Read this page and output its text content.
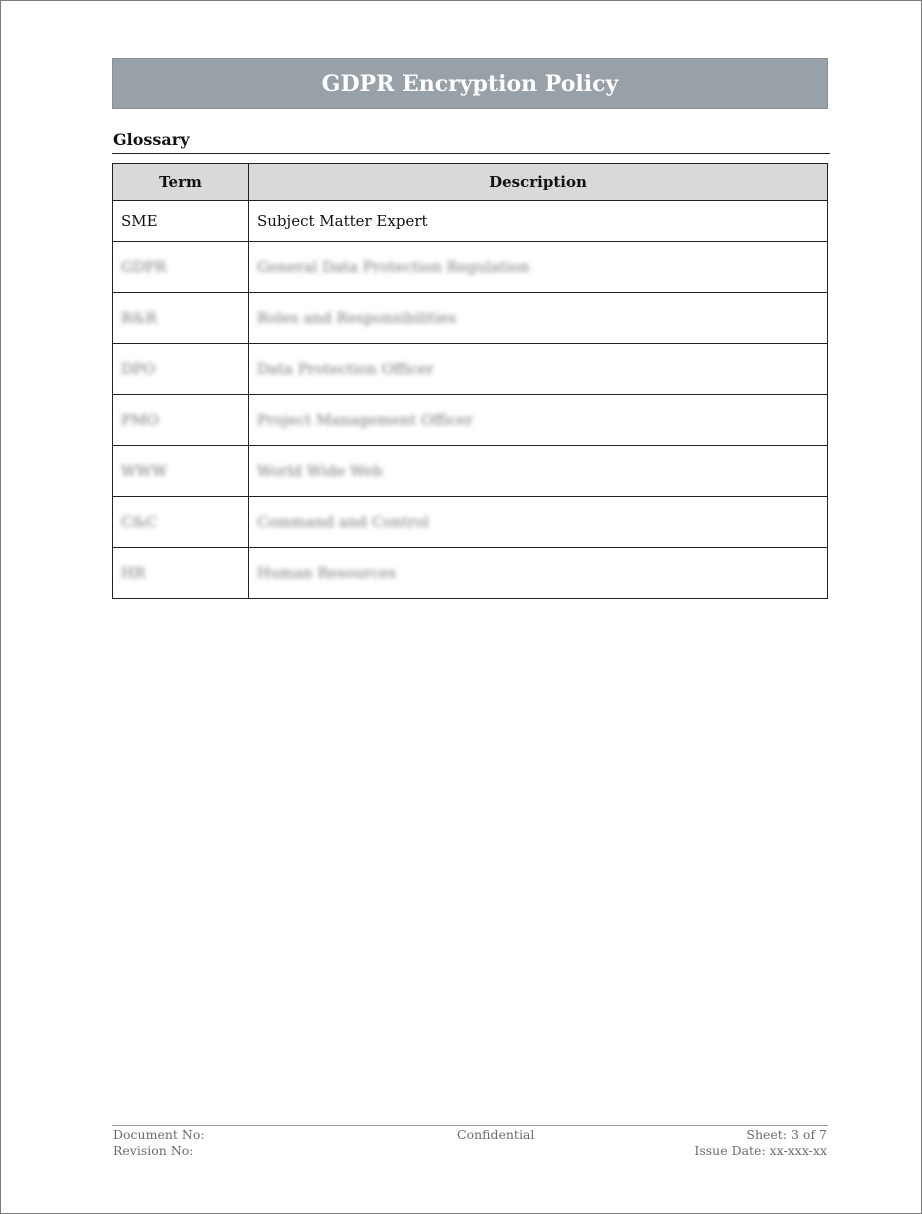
GDPR Encryption Policy
Glossary
Term	Description
SME	Subject Matter Expert
GDPR	General Data Protection Regulation
R&R	Roles and Responsibilities
DPO	Data Protection Officer
PMO	Project Management Officer
WWW	World Wide Web
C&C	Command and Control
HR	Human Resources
Document No:
Revision No:
Confidential	Sheet: 3 of 7
Issue Date: xx-xxx-xx
